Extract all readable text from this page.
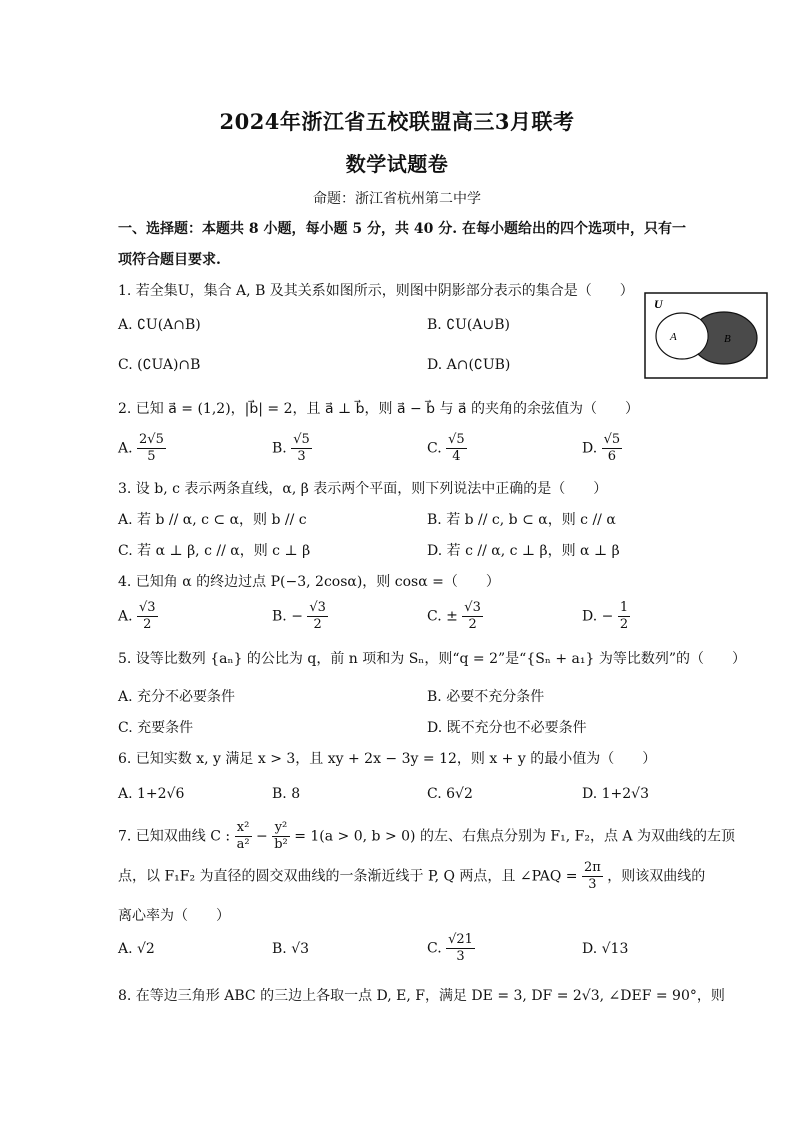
2024年浙江省五校联盟高三3月联考
数学试题卷
命题：浙江省杭州第二中学
一、选择题：本题共 8 小题，每小题 5 分，共 40 分. 在每小题给出的四个选项中，只有一
项符合题目要求.
1. 若全集U，集合 A, B 及其关系如图所示，则图中阴影部分表示的集合是（　　）
A. ∁U(A∩B)	B. ∁U(A∪B)
C. (∁UA)∩B	D. A∩(∁UB)
U
A	B
2. 已知 a⃗ = (1,2)，|b⃗| = 2，且 a⃗ ⊥ b⃗，则 a⃗ − b⃗ 与 a⃗ 的夹角的余弦值为（　　）
A. $\frac{2√5}{5}$	B. $\frac{√5}{3}$	C. $\frac{√5}{4}$	D. $\frac{√5}{6}$
3. 设 b, c 表示两条直线，α, β 表示两个平面，则下列说法中正确的是（　　）
A. 若 b // α, c ⊂ α，则 b // c	B. 若 b // c, b ⊂ α，则 c // α
C. 若 α ⊥ β, c // α，则 c ⊥ β	D. 若 c // α, c ⊥ β，则 α ⊥ β
4. 已知角 α 的终边过点 P(−3, 2cosα)，则 cosα =（　　）
A. $\frac{√3}{2}$	B. − $\frac{√3}{2}$	C. ± $\frac{√3}{2}$	D. − $\frac{1}{2}$
5. 设等比数列 {aₙ} 的公比为 q，前 n 项和为 Sₙ，则“q = 2”是“{Sₙ + a₁} 为等比数列”的（　　）
A. 充分不必要条件	B. 必要不充分条件
C. 充要条件	D. 既不充分也不必要条件
6. 已知实数 x, y 满足 x > 3，且 xy + 2x − 3y = 12，则 x + y 的最小值为（　　）
A. 1+2√6	B. 8	C. 6√2	D. 1+2√3
7. 已知双曲线 C : $\frac{\text{x²}}{\text{a²}} - \frac{\text{y²}}{\text{b²}} = 1(a > 0$, b > 0) 的左、右焦点分别为 F₁, F₂，点 A 为双曲线的左顶
点，以 F₁F₂ 为直径的圆交双曲线的一条渐近线于 P, Q 两点，且 ∠PAQ = $\frac{2\pi}{3}$ ，则该双曲线的
离心率为（　　）
A. √2	B. √3	C. $\frac{√21}{3}$	D. √13
8. 在等边三角形 ABC 的三边上各取一点 D, E, F，满足 DE = 3, DF = 2√3, ∠DEF = 90°，则
